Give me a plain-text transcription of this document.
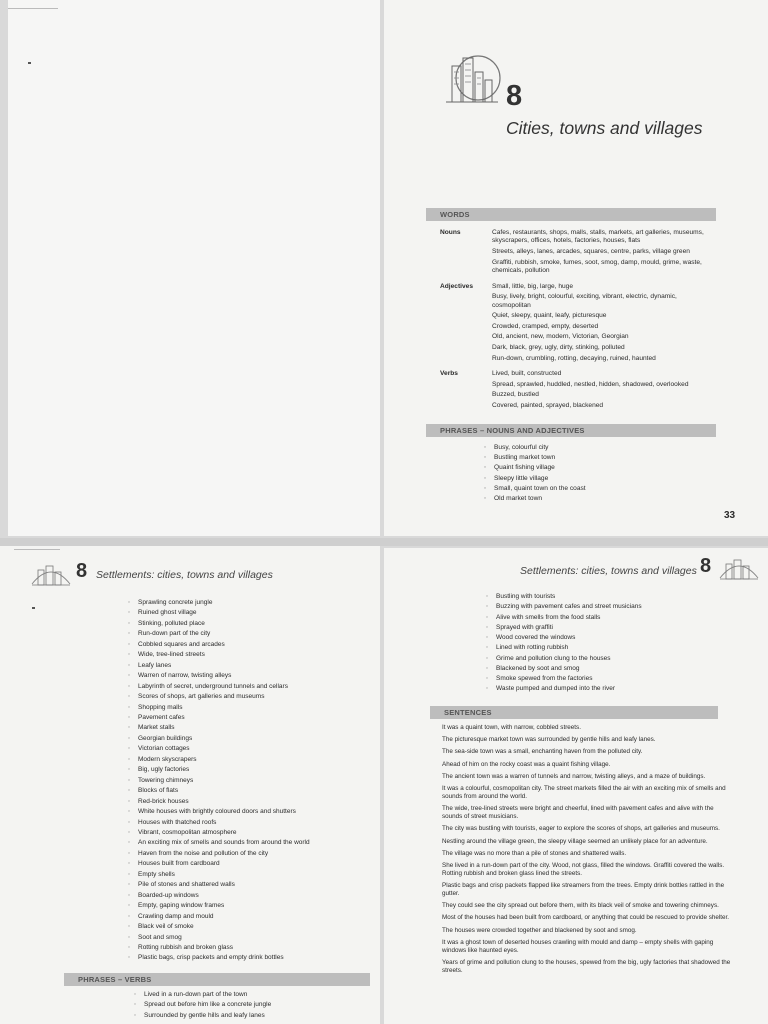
8
Cities, towns and villages
WORDS
Nouns	Cafes, restaurants, shops, malls, stalls, markets, art galleries, museums, skyscrapers, offices, hotels, factories, houses, flats
Streets, alleys, lanes, arcades, squares, centre, parks, village green
Graffiti, rubbish, smoke, fumes, soot, smog, damp, mould, grime, waste, chemicals, pollution
Adjectives	Small, little, big, large, huge
Busy, lively, bright, colourful, exciting, vibrant, electric, dynamic, cosmopolitan
Quiet, sleepy, quaint, leafy, picturesque
Crowded, cramped, empty, deserted
Old, ancient, new, modern, Victorian, Georgian
Dark, black, grey, ugly, dirty, stinking, polluted
Run-down, crumbling, rotting, decaying, ruined, haunted
Verbs	Lived, built, constructed
Spread, sprawled, huddled, nestled, hidden, shadowed, overlooked
Buzzed, bustled
Covered, painted, sprayed, blackened
PHRASES – NOUNS AND ADJECTIVES
◦ Busy, colourful city
◦ Bustling market town
◦ Quaint fishing village
◦ Sleepy little village
◦ Small, quaint town on the coast
◦ Old market town
33
8 Settlements: cities, towns and villages
◦ Sprawling concrete jungle
◦ Ruined ghost village
◦ Stinking, polluted place
◦ Run-down part of the city
◦ Cobbled squares and arcades
◦ Wide, tree-lined streets
◦ Leafy lanes
◦ Warren of narrow, twisting alleys
◦ Labyrinth of secret, underground tunnels and cellars
◦ Scores of shops, art galleries and museums
◦ Shopping malls
◦ Pavement cafes
◦ Market stalls
◦ Georgian buildings
◦ Victorian cottages
◦ Modern skyscrapers
◦ Big, ugly factories
◦ Towering chimneys
◦ Blocks of flats
◦ Red-brick houses
◦ White houses with brightly coloured doors and shutters
◦ Houses with thatched roofs
◦ Vibrant, cosmopolitan atmosphere
◦ An exciting mix of smells and sounds from around the world
◦ Haven from the noise and pollution of the city
◦ Houses built from cardboard
◦ Empty shells
◦ Pile of stones and shattered walls
◦ Boarded-up windows
◦ Empty, gaping window frames
◦ Crawling damp and mould
◦ Black veil of smoke
◦ Soot and smog
◦ Rotting rubbish and broken glass
◦ Plastic bags, crisp packets and empty drink bottles
PHRASES – VERBS
◦ Lived in a run-down part of the town
◦ Spread out before him like a concrete jungle
◦ Surrounded by gentle hills and leafy lanes
Settlements: cities, towns and villages 8
◦ Bustling with tourists
◦ Buzzing with pavement cafes and street musicians
◦ Alive with smells from the food stalls
◦ Sprayed with graffiti
◦ Wood covered the windows
◦ Lined with rotting rubbish
◦ Grime and pollution clung to the houses
◦ Blackened by soot and smog
◦ Smoke spewed from the factories
◦ Waste pumped and dumped into the river
SENTENCES

It was a quaint town, with narrow, cobbled streets.

The picturesque market town was surrounded by gentle hills and leafy lanes.

The sea-side town was a small, enchanting haven from the polluted city.

Ahead of him on the rocky coast was a quaint fishing village.

The ancient town was a warren of tunnels and narrow, twisting alleys, and a maze of buildings.

It was a colourful, cosmopolitan city. The street markets filled the air with an exciting mix of smells and sounds from around the world.

The wide, tree-lined streets were bright and cheerful, lined with pavement cafes and alive with the sounds of street musicians.

The city was bustling with tourists, eager to explore the scores of shops, art galleries and museums.

Nestling around the village green, the sleepy village seemed an unlikely place for an adventure.

The village was no more than a pile of stones and shattered walls.

She lived in a run-down part of the city. Wood, not glass, filled the windows. Graffiti covered the walls. Rotting rubbish and broken glass lined the streets.

Plastic bags and crisp packets flapped like streamers from the trees. Empty drink bottles rattled in the gutter.

They could see the city spread out before them, with its black veil of smoke and towering chimneys.

Most of the houses had been built from cardboard, or anything that could be rescued to provide shelter.

The houses were crowded together and blackened by soot and smog.

It was a ghost town of deserted houses crawling with mould and damp – empty shells with gaping windows like haunted eyes.

Years of grime and pollution clung to the houses, spewed from the big, ugly factories that shadowed the streets.
